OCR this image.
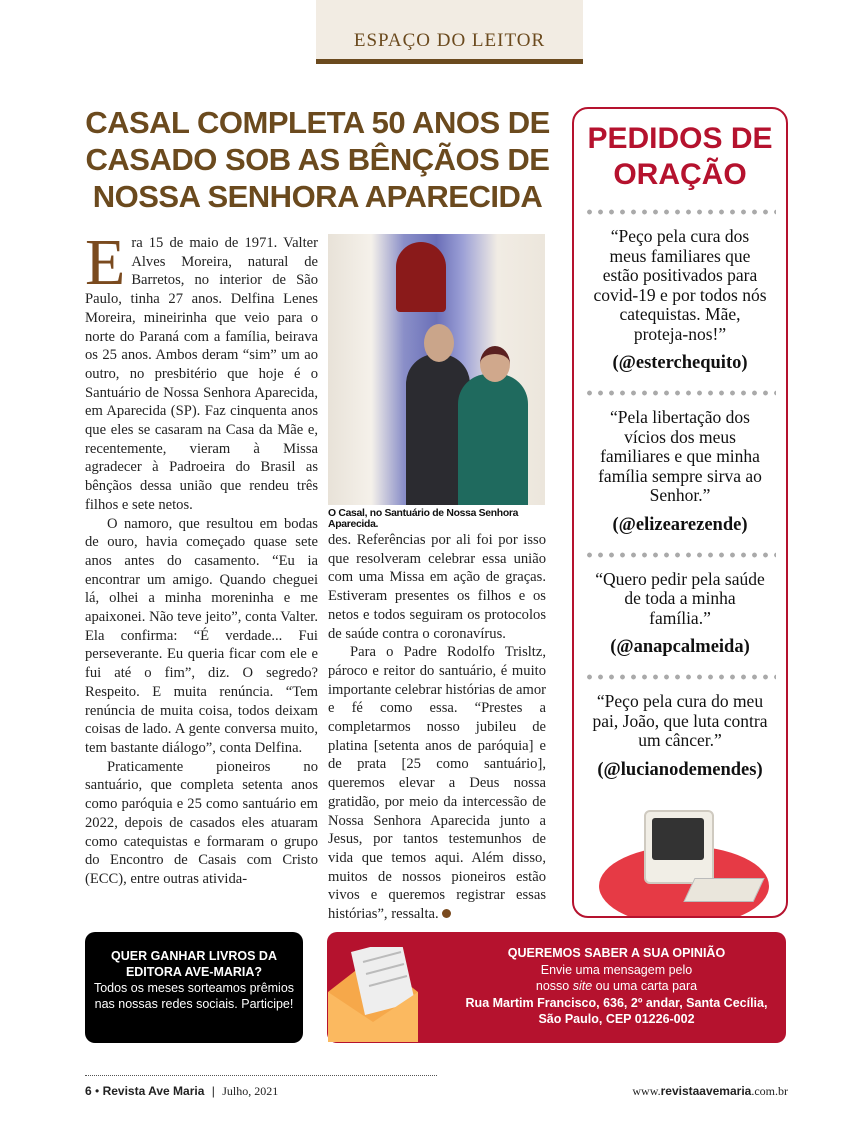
ESPAÇO DO LEITOR
CASAL COMPLETA 50 ANOS DE CASADO SOB AS BÊNÇÃOS DE NOSSA SENHORA APARECIDA

Era 15 de maio de 1971. Valter Alves Moreira, natural de Barretos, no interior de São Paulo, tinha 27 anos. Delfina Lenes Moreira, mineirinha que veio para o norte do Paraná com a família, beirava os 25 anos. Ambos deram “sim” um ao outro, no presbitério que hoje é o Santuário de Nossa Senhora Aparecida, em Aparecida (SP). Faz cinquenta anos que eles se casaram na Casa da Mãe e, recentemente, vieram à Missa agradecer à Padroeira do Brasil as bênçãos dessa união que rendeu três filhos e sete netos.

O namoro, que resultou em bodas de ouro, havia começado quase sete anos antes do casamento. “Eu ia encontrar um amigo. Quando cheguei lá, olhei a minha moreninha e me apaixonei. Não teve jeito”, conta Valter. Ela confirma: “É verdade... Fui perseverante. Eu queria ficar com ele e fui até o fim”, diz. O segredo? Respeito. E muita renúncia. “Tem renúncia de muita coisa, todos deixam coisas de lado. A gente conversa muito, tem bastante diálogo”, conta Delfina.

Praticamente pioneiros no santuário, que completa setenta anos como paróquia e 25 como santuário em 2022, depois de casados eles atuaram como catequistas e formaram o grupo do Encontro de Casais com Cristo (ECC), entre outras ativida-

O Casal, no Santuário de Nossa Senhora Aparecida.

des. Referências por ali foi por isso que resolveram celebrar essa união com uma Missa em ação de graças. Estiveram presentes os filhos e os netos e todos seguiram os protocolos de saúde contra o coronavírus.

Para o Padre Rodolfo Trisltz, pároco e reitor do santuário, é muito importante celebrar histórias de amor e fé como essa. “Prestes a completarmos nosso jubileu de platina [setenta anos de paróquia] e de prata [25 como santuário], queremos elevar a Deus nossa gratidão, por meio da intercessão de Nossa Senhora Aparecida junto a Jesus, por tantos testemunhos de vida que temos aqui. Além disso, muitos de nossos pioneiros estão vivos e queremos registrar essas histórias”, ressalta.

PEDIDOS DE ORAÇÃO
“Peço pela cura dos meus familiares que estão positivados para covid-19 e por todos nós catequistas. Mãe, proteja-nos!”
(@esterchequito)
“Pela libertação dos vícios dos meus familiares e que minha família sempre sirva ao Senhor.”
(@elizearezende)
“Quero pedir pela saúde de toda a minha família.”
(@anapcalmeida)
“Peço pela cura do meu pai, João, que luta contra um câncer.”
(@lucianodemendes)
QUER GANHAR LIVROS DA EDITORA AVE-MARIA?
Todos os meses sorteamos prêmios nas nossas redes sociais. Participe!
QUEREMOS SABER A SUA OPINIÃO
Envie uma mensagem pelo
nosso site ou uma carta para
Rua Martim Francisco, 636, 2º andar, Santa Cecília,
São Paulo, CEP 01226-002
6 • Revista Ave Maria | Julho, 2021	www.revistaavemaria.com.br
